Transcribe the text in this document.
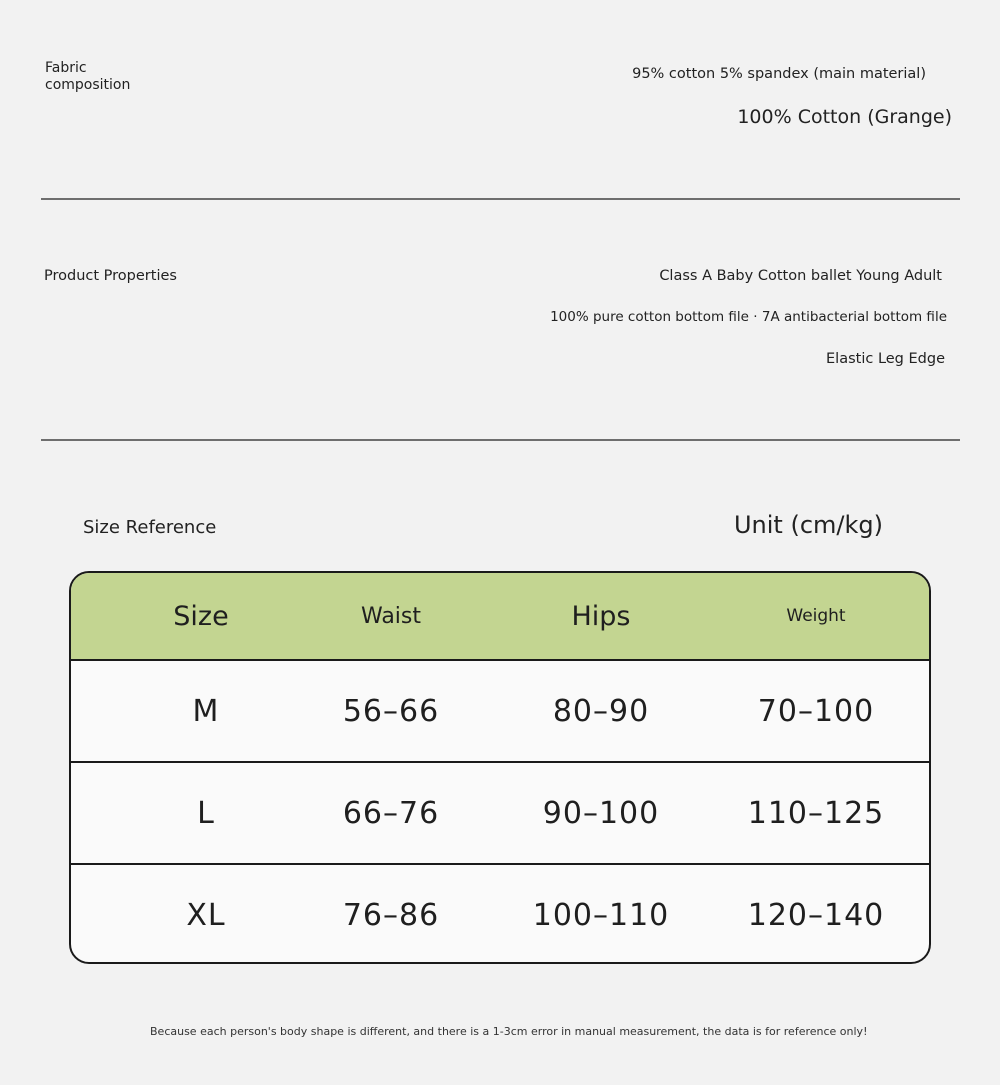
Fabric composition
95% cotton 5% spandex (main material)
100% Cotton (Grange)
Product Properties	Class A Baby Cotton ballet Young Adult
100% pure cotton bottom file · 7A antibacterial bottom file
Elastic Leg Edge
Size Reference	Unit (cm/kg)
Size	Waist	Hips	Weight
M	56–66	80–90	70–100
L	66–76	90–100	110–125
XL	76–86	100–110	120–140
Because each person's body shape is different, and there is a 1-3cm error in manual measurement, the data is for reference only!
